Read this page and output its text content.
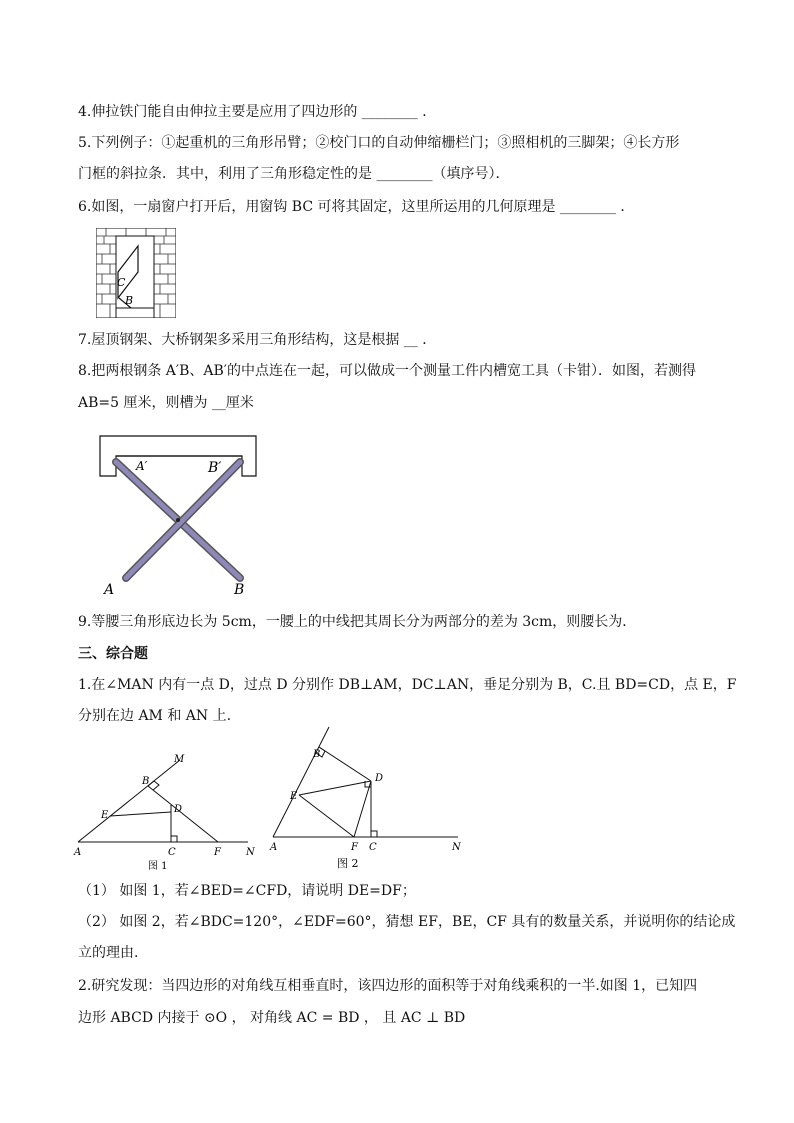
4.伸拉铁门能自由伸拉主要是应用了四边形的 ________ ．
5.下列例子：①起重机的三角形吊臂；②校门口的自动伸缩栅栏门；③照相机的三脚架；④长方形
门框的斜拉条．其中，利用了三角形稳定性的是 ________（填序号）．
6.如图，一扇窗户打开后，用窗钩 BC 可将其固定，这里所运用的几何原理是 ________ ．
C
B
7.屋顶钢架、大桥钢架多采用三角形结构，这是根据 __ ．
8.把两根钢条 A′B、AB′的中点连在一起，可以做成一个测量工件内槽宽工具（卡钳）．如图，若测得
AB=5 厘米，则槽为 __厘米
A′	B′
A	B
9.等腰三角形底边长为 5cm，一腰上的中线把其周长分为两部分的差为 3cm，则腰长为．
三、综合题
1.在∠MAN 内有一点 D，过点 D 分别作 DB⊥AM，DC⊥AN，垂足分别为 B，C.且 BD=CD，点 E，F
分别在边 AM 和 AN 上.
M
B
D
E
A	C	F	N
图 1
B
D
E
A	F C	N
图 2
（1） 如图 1，若∠BED=∠CFD，请说明 DE=DF；
（2） 如图 2，若∠BDC=120°，∠EDF=60°，猜想 EF，BE，CF 具有的数量关系，并说明你的结论成
立的理由.
2.研究发现：当四边形的对角线互相垂直时，该四边形的面积等于对角线乘积的一半.如图 1，已知四
边形 ABCD 内接于 ⊙O ， 对角线 AC = BD ， 且 AC ⊥ BD
